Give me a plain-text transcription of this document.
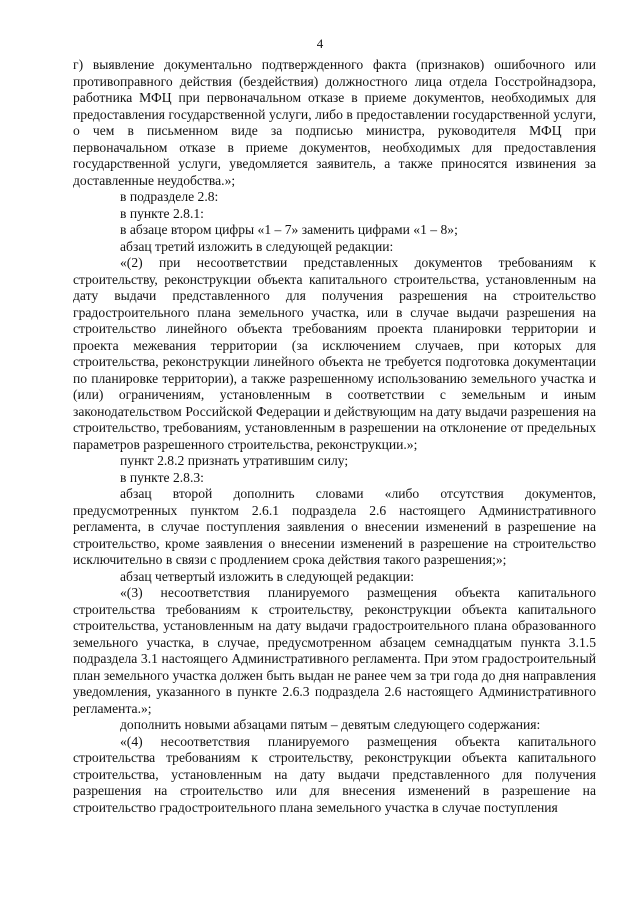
4

г) выявление документально подтвержденного факта (признаков) ошибочного или противоправного действия (бездействия) должностного лица отдела Госстройнадзора, работника МФЦ при первоначальном отказе в приеме документов, необходимых для предоставления государственной услуги, либо в предоставлении государственной услуги, о чем в письменном виде за подписью министра, руководителя МФЦ при первоначальном отказе в приеме документов, необходимых для предоставления государственной услуги, уведомляется заявитель, а также приносятся извинения за доставленные неудобства.»;

в подразделе 2.8:

в пункте 2.8.1:

в абзаце втором цифры «1 – 7» заменить цифрами «1 – 8»;

абзац третий изложить в следующей редакции:

«(2) при несоответствии представленных документов требованиям к строительству, реконструкции объекта капитального строительства, установленным на дату выдачи представленного для получения разрешения на строительство градостроительного плана земельного участка, или в случае выдачи разрешения на строительство линейного объекта требованиям проекта планировки территории и проекта межевания территории (за исключением случаев, при которых для строительства, реконструкции линейного объекта не требуется подготовка документации по планировке территории), а также разрешенному использованию земельного участка и (или) ограничениям, установленным в соответствии с земельным и иным законодательством Российской Федерации и действующим на дату выдачи разрешения на строительство, требованиям, установленным в разрешении на отклонение от предельных параметров разрешенного строительства, реконструкции.»;

пункт 2.8.2 признать утратившим силу;

в пункте 2.8.3:

абзац второй дополнить словами «либо отсутствия документов, предусмотренных пунктом 2.6.1 подраздела 2.6 настоящего Административного регламента, в случае поступления заявления о внесении изменений в разрешение на строительство, кроме заявления о внесении изменений в разрешение на строительство исключительно в связи с продлением срока действия такого разрешения;»;

абзац четвертый изложить в следующей редакции:

«(3) несоответствия планируемого размещения объекта капитального строительства требованиям к строительству, реконструкции объекта капитального строительства, установленным на дату выдачи градостроительного плана образованного земельного участка, в случае, предусмотренном абзацем семнадцатым пункта 3.1.5 подраздела 3.1 настоящего Административного регламента. При этом градостроительный план земельного участка должен быть выдан не ранее чем за три года до дня направления уведомления, указанного в пункте 2.6.3 подраздела 2.6 настоящего Административного регламента.»;

дополнить новыми абзацами пятым – девятым следующего содержания:

«(4) несоответствия планируемого размещения объекта капитального строительства требованиям к строительству, реконструкции объекта капитального строительства, установленным на дату выдачи представленного для получения разрешения на строительство или для внесения изменений в разрешение на строительство градостроительного плана земельного участка в случае поступления
